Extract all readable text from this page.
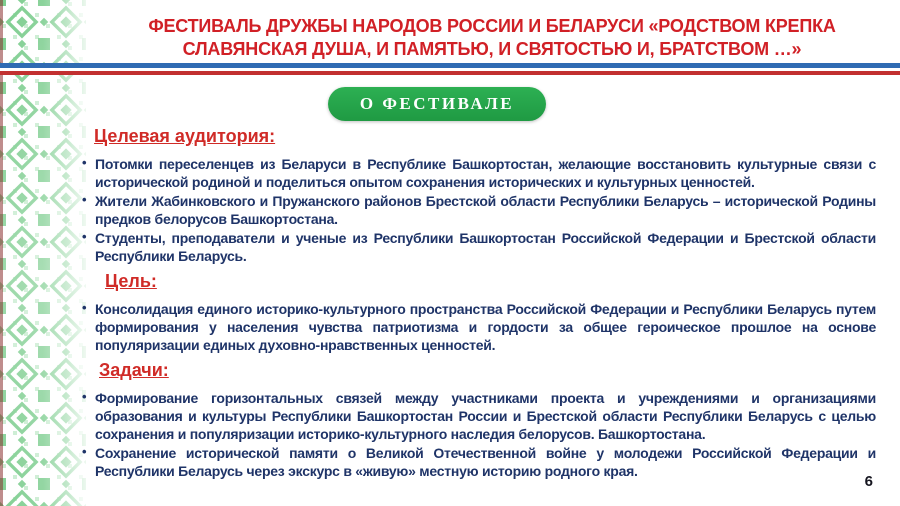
ФЕСТИВАЛЬ ДРУЖБЫ НАРОДОВ РОССИИ И БЕЛАРУСИ «РОДСТВОМ КРЕПКА СЛАВЯНСКАЯ ДУША, И ПАМЯТЬЮ, И СВЯТОСТЬЮ И, БРАТСТВОМ …»
О ФЕСТИВАЛЕ
Целевая аудитория:
• Потомки переселенцев из Беларуси в Республике Башкортостан, желающие восстановить культурные связи с исторической родиной и поделиться опытом сохранения исторических и культурных ценностей.
• Жители Жабинковского и Пружанского районов Брестской области Республики Беларусь – исторической Родины предков белорусов Башкортостана.
• Студенты, преподаватели и ученые из Республики Башкортостан Российской Федерации и Брестской области Республики Беларусь.
Цель:
• Консолидация единого историко-культурного пространства Российской Федерации и Республики Беларусь путем формирования у населения чувства патриотизма и гордости за общее героическое прошлое на основе популяризации единых духовно-нравственных ценностей.
Задачи:
• Формирование горизонтальных связей между участниками проекта и учреждениями и организациями образования и культуры Республики Башкортостан России и Брестской области Республики Беларусь с целью сохранения и популяризации историко-культурного наследия белорусов. Башкортостана.
• Сохранение исторической памяти о Великой Отечественной войне у молодежи Российской Федерации и Республики Беларусь через экскурс в «живую» местную историю родного края.
6
